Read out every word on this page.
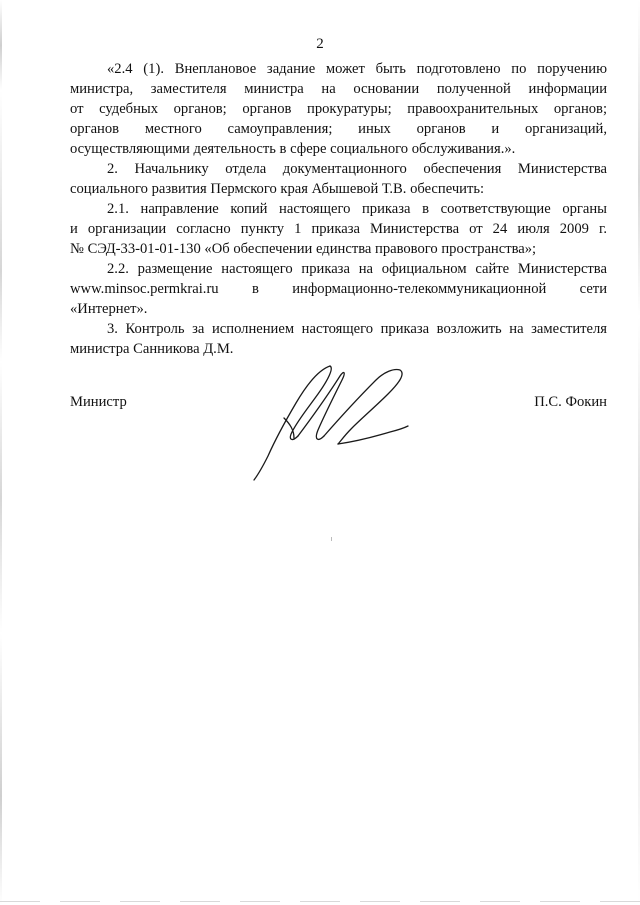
2

«2.4 (1). Внеплановое задание может быть подготовлено по поручению
министра, заместителя министра на основании полученной информации
от судебных органов; органов прокуратуры; правоохранительных органов;
органов местного самоуправления; иных органов и организаций,
осуществляющими деятельность в сфере социального обслуживания.».

2. Начальнику отдела документационного обеспечения Министерства
социального развития Пермского края Абышевой Т.В. обеспечить:

2.1. направление копий настоящего приказа в соответствующие органы
и организации согласно пункту 1 приказа Министерства от 24 июля 2009 г.
№ СЭД-33-01-01-130 «Об обеспечении единства правового пространства»;

2.2. размещение настоящего приказа на официальном сайте Министерства
www.minsoc.permkrai.ru в информационно-телекоммуникационной сети
«Интернет».

3. Контроль за исполнением настоящего приказа возложить на заместителя
министра Санникова Д.М.

Министр	П.С. Фокин
